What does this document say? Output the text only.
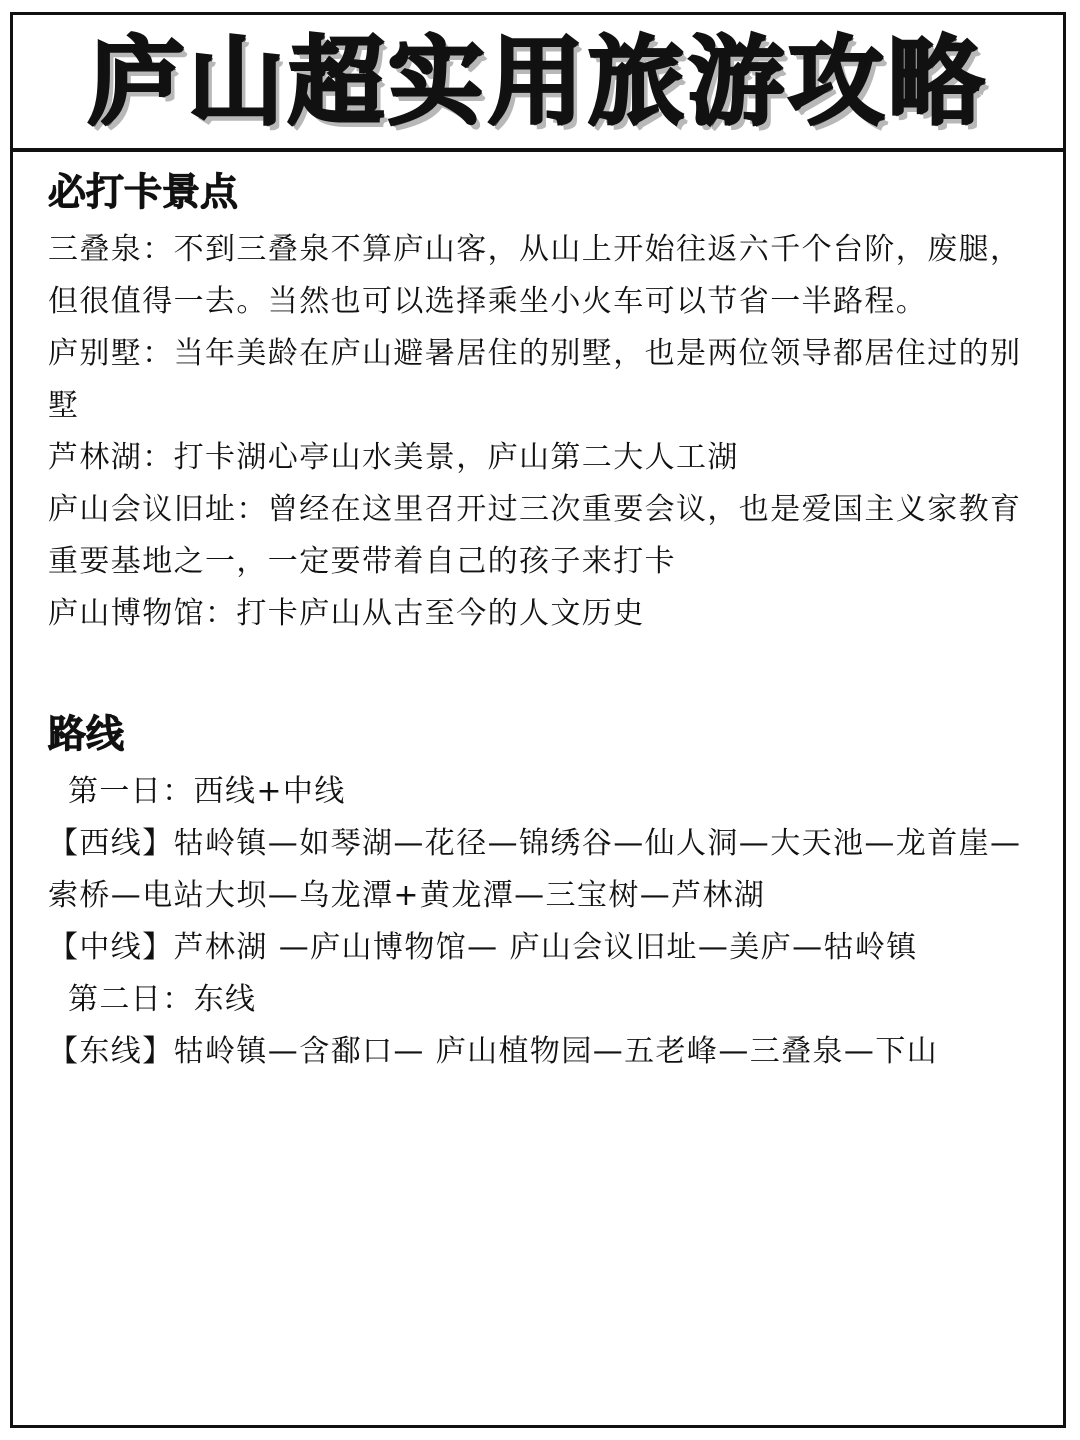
庐山超实用旅游攻略
必打卡景点

三叠泉：不到三叠泉不算庐山客，从山上开始往返六千个台阶，废腿，但很值得一去。当然也可以选择乘坐小火车可以节省一半路程。

庐别墅：当年美龄在庐山避暑居住的别墅，也是两位领导都居住过的别墅

芦林湖：打卡湖心亭山水美景，庐山第二大人工湖

庐山会议旧址：曾经在这里召开过三次重要会议，也是爱国主义家教育重要基地之一，一定要带着自己的孩子来打卡

庐山博物馆：打卡庐山从古至今的人文历史

路线

第一日：西线+中线

【西线】牯岭镇—如琴湖—花径—锦绣谷—仙人洞—大天池—龙首崖—索桥—电站大坝—乌龙潭+黄龙潭—三宝树—芦林湖

【中线】芦林湖 —庐山博物馆— 庐山会议旧址—美庐—牯岭镇

第二日：东线

【东线】牯岭镇—含鄱口— 庐山植物园—五老峰—三叠泉—下山
